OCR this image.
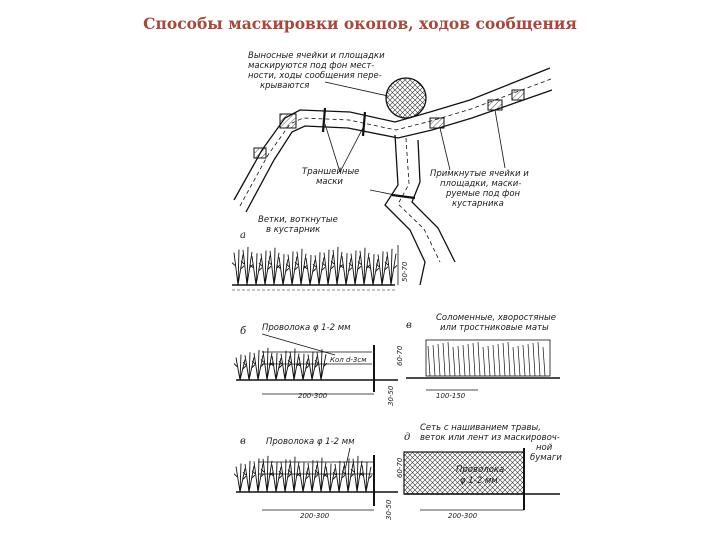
Способы маскировки окопов, ходов сообщения
Выносные ячейки и площадки
маскируются под фон мест-
ности, ходы сообщения пере-
крываются
Траншейные
маски
Примкнутые ячейки и
площадки, маски-
руемые под фон
кустарника
а
Ветки, воткнутые
в кустарник
50-70
б Проволока φ 1-2 мм
Кол d-3см
200-300
60-70
30-50
в
Соломенные, хворостяные
или тростниковые маты
100-150
в Проволока φ 1-2 мм
200-300
60-70
30-50
д
Сеть с нашиванием травы,
веток или лент из маскировоч-
ной
бумаги
Проволока
φ 1-2 мм
200-300
